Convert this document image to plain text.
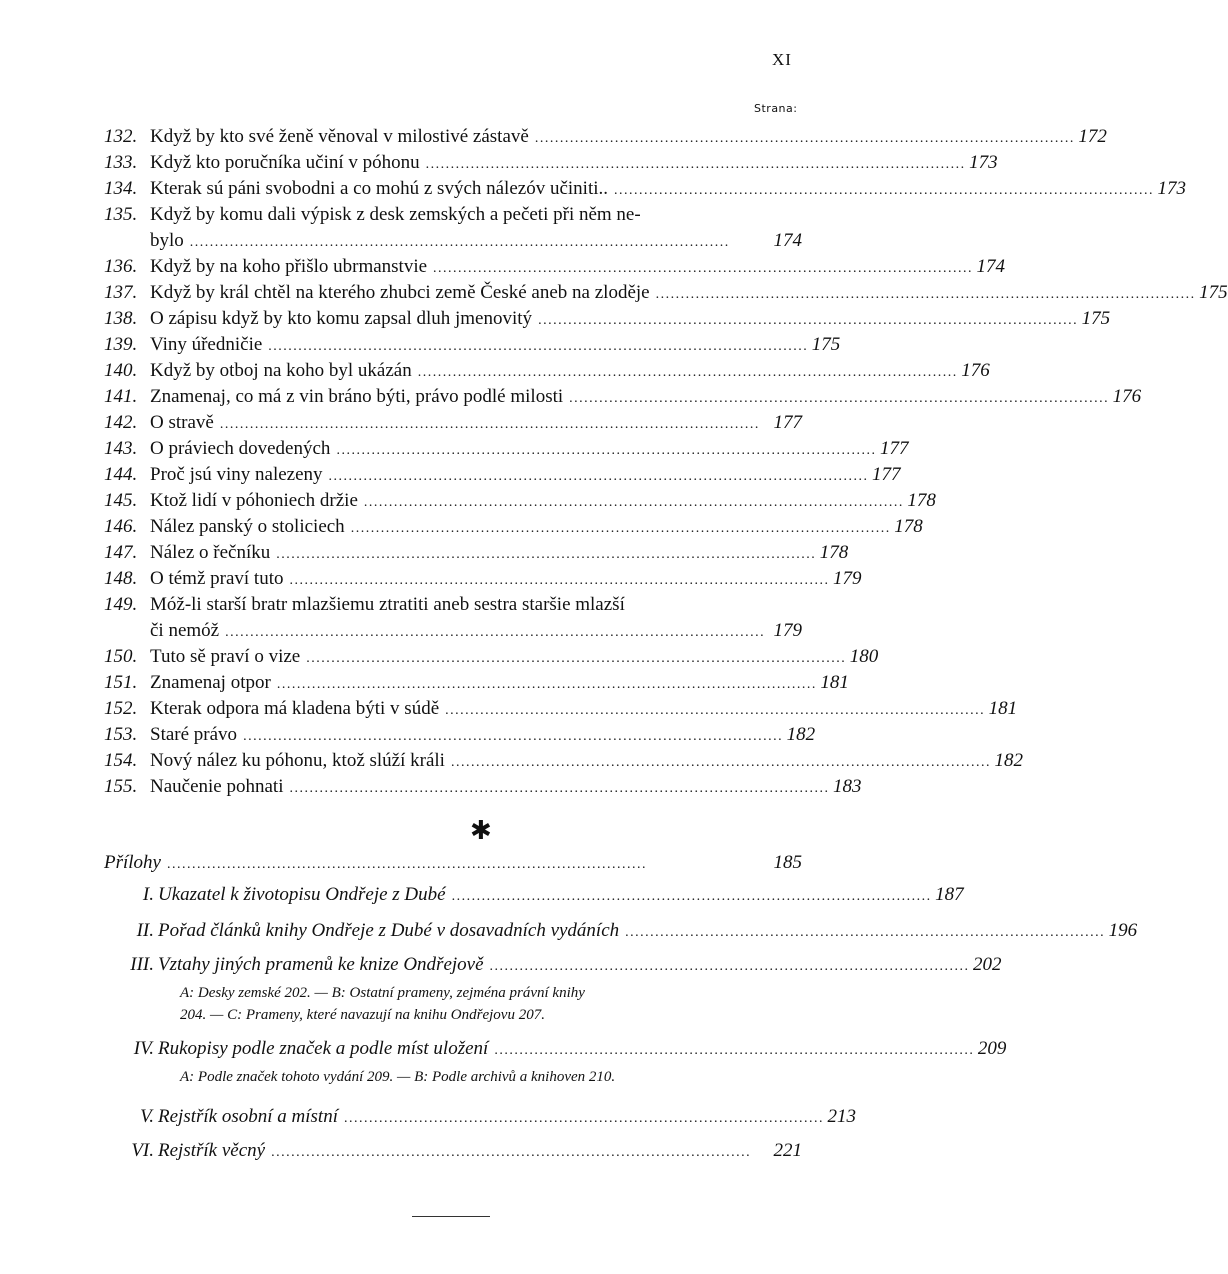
XI
Strana:
132. Když by kto své ženě věnoval v milostivé zástavě . . .	172
133. Když kto poručníka učiní v póhonu . . .	173
134. Kterak sú páni svobodni a co mohú z svých nálezóv učiniti.. . . .	173
135. Když by komu dali výpisk z desk zemských a pečeti při něm ne-
bylo . . .	174
136. Když by na koho přišlo ubrmanstvie . . .	174
137. Když by král chtěl na kterého zhubci země České aneb na zloděje . . .	175
138. O zápisu když by kto komu zapsal dluh jmenovitý . . .	175
139. Viny úředničie . . .	175
140. Když by otboj na koho byl ukázán . . .	176
141. Znamenaj, co má z vin bráno býti, právo podlé milosti . . .	176
142. O stravě . . .	177
143. O práviech dovedených . . .	177
144. Proč jsú viny nalezeny . . .	177
145. Ktož lidí v póhoniech držie . . .	178
146. Nález panský o stoliciech . . .	178
147. Nález o řečníku . . .	178
148. O témž praví tuto . . .	179
149. Móž-li starší bratr mlazšiemu ztratiti aneb sestra staršie mlazší
či nemóž . . .	179
150. Tuto sě praví o vize . . .	180
151. Znamenaj otpor . . .	181
152. Kterak odpora má kladena býti v súdě . . .	181
153. Staré právo . . .	182
154. Nový nález ku póhonu, ktož slúží králi . . .	182
155. Naučenie pohnati . . .	183
✱
Přílohy . . .	185
I. Ukazatel k životopisu Ondřeje z Dubé . . .	187
II. Pořad článků knihy Ondřeje z Dubé v dosavadních vydáních . . .	196
III. Vztahy jiných pramenů ke knize Ondřejově . . .	202
A: Desky zemské 202. — B: Ostatní prameny, zejména právní knihy
204. — C: Prameny, které navazují na knihu Ondřejovu 207.
IV. Rukopisy podle značek a podle míst uložení . . .	209
A: Podle značek tohoto vydání 209. — B: Podle archivů a knihoven 210.
V. Rejstřík osobní a místní . . .	213
VI. Rejstřík věcný . . .	221
